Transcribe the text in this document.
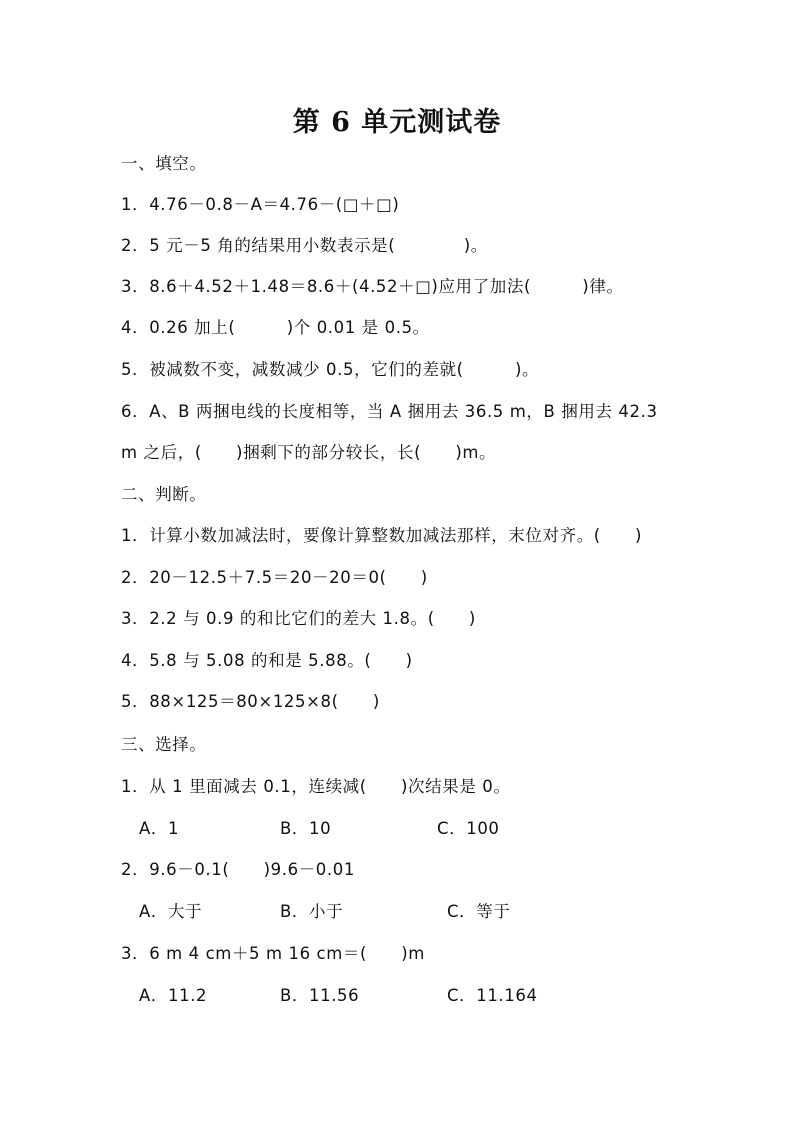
第 6 单元测试卷
一、填空。
1．4.76－0.8－A＝4.76－(□＋□)
2．5 元－5 角的结果用小数表示是(　　　　)。
3．8.6＋4.52＋1.48＝8.6＋(4.52＋□)应用了加法(　　　)律。
4．0.26 加上(　　　)个 0.01 是 0.5。
5．被减数不变，减数减少 0.5，它们的差就(　　　)。
6．A、B 两捆电线的长度相等，当 A 捆用去 36.5 m，B 捆用去 42.3
m 之后，(　　)捆剩下的部分较长，长(　　)m。
二、判断。
1．计算小数加减法时，要像计算整数加减法那样，末位对齐。(　　)
2．20－12.5＋7.5＝20－20＝0(　　)
3．2.2 与 0.9 的和比它们的差大 1.8。(　　)
4．5.8 与 5.08 的和是 5.88。(　　)
5．88×125＝80×125×8(　　)
三、选择。
1．从 1 里面减去 0.1，连续减(　　)次结果是 0。
A．1	B．10	C．100
2．9.6－0.1(　　)9.6－0.01
A．大于	B．小于	C．等于
3．6 m 4 cm＋5 m 16 cm＝(　　)m
A．11.2	B．11.56	C．11.164
